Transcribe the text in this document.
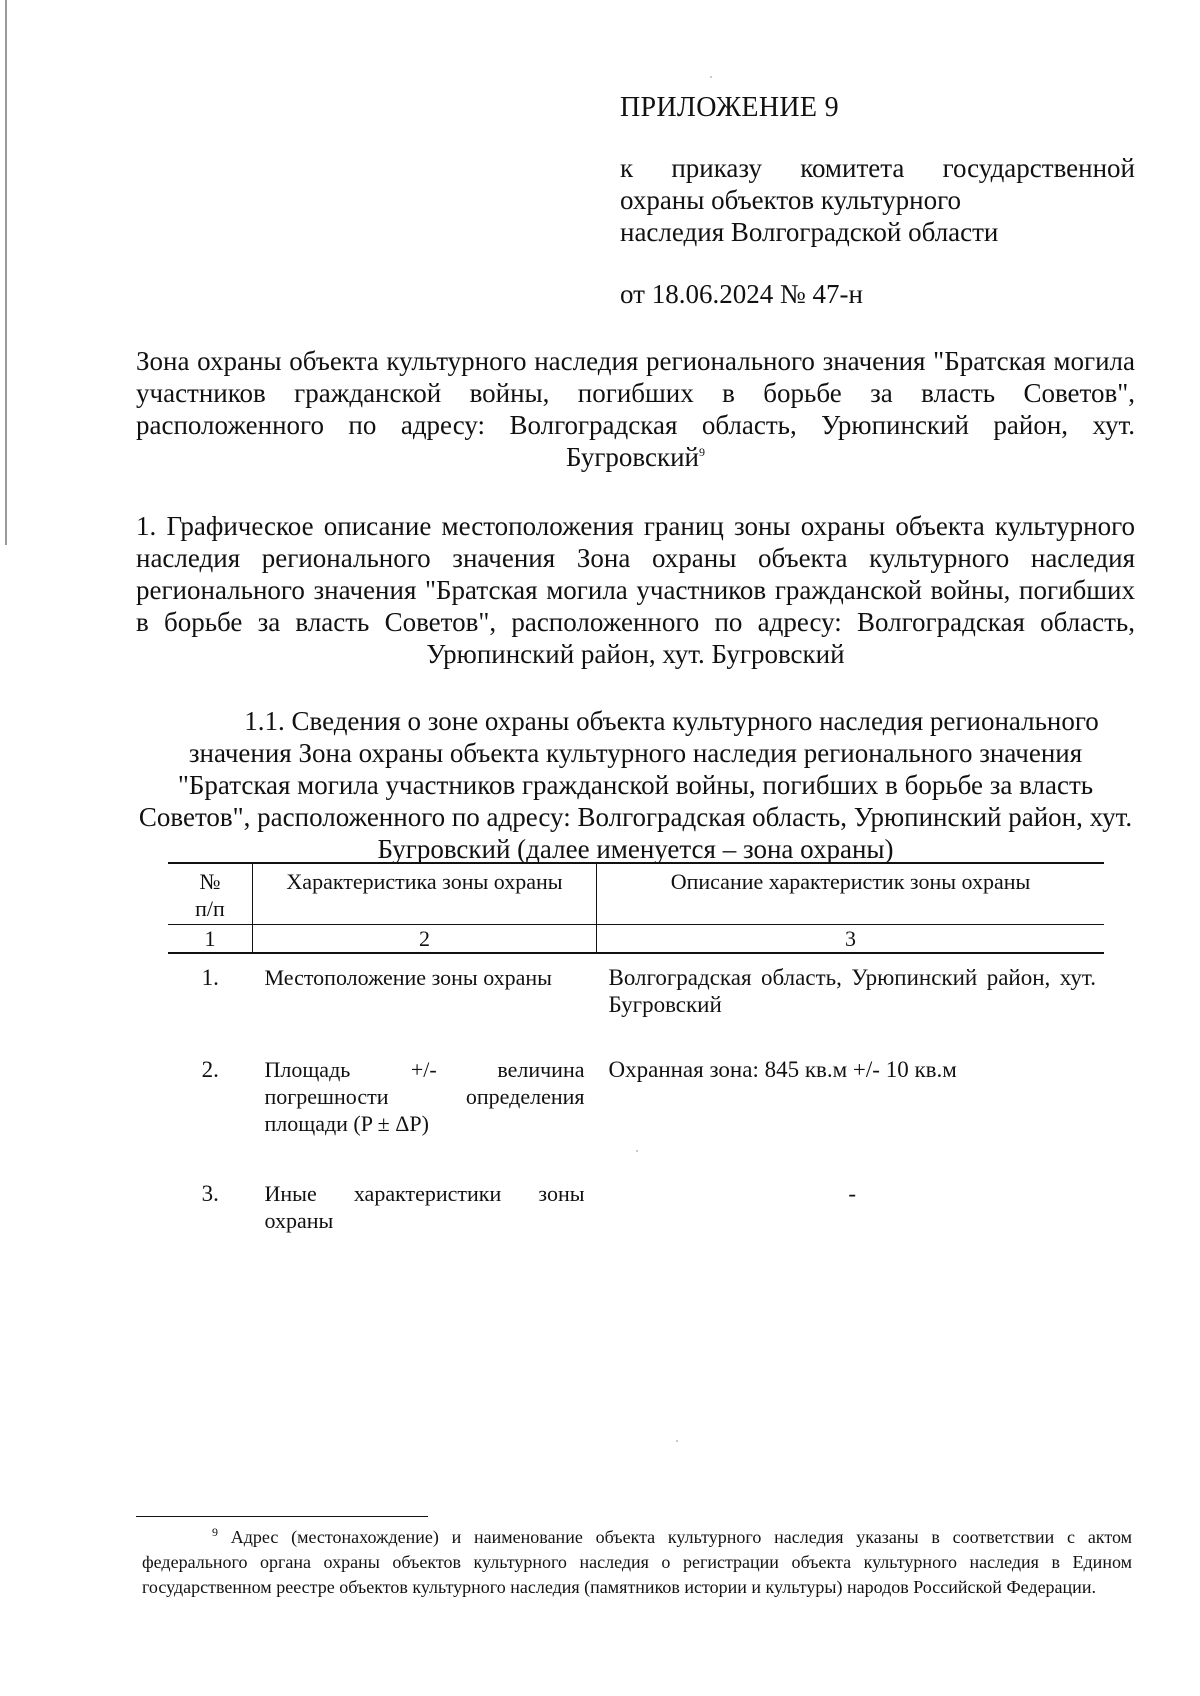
ПРИЛОЖЕНИЕ 9
к приказу комитета государственной
охраны объектов культурного
наследия Волгоградской области
от 18.06.2024 № 47-н
Зона охраны объекта культурного наследия регионального значения "Братская могила участников гражданской войны, погибших в борьбе за власть Советов", расположенного по адресу: Волгоградская область, Урюпинский район, хут. Бугровский$^9$
1. Графическое описание местоположения границ зоны охраны объекта культурного наследия регионального значения Зона охраны объекта культурного наследия регионального значения "Братская могила участников гражданской войны, погибших в борьбе за власть Советов", расположенного по адресу: Волгоградская область, Урюпинский район, хут. Бугровский
1.1. Сведения о зоне охраны объекта культурного наследия регионального значения Зона охраны объекта культурного наследия регионального значения "Братская могила участников гражданской войны, погибших в борьбе за власть Советов", расположенного по адресу: Волгоградская область, Урюпинский район, хут. Бугровский (далее именуется – зона охраны)
№
п/п	Характеристика зоны охраны	Описание характеристик зоны охраны
1	2	3
1.	Местоположение зоны охраны	Волгоградская область, Урюпинский район, хут. Бугровский
2.	Площадь +/- величина
погрешности определения
площади (P ± ΔP)	Охранная зона: 845 кв.м +/- 10 кв.м
3.	Иные характеристики зоны
охраны	-
$^9$ Адрес (местонахождение) и наименование объекта культурного наследия указаны в соответствии с актом федерального органа охраны объектов культурного наследия о регистрации объекта культурного наследия в Едином государственном реестре объектов культурного наследия (памятников истории и культуры) народов Российской Федерации.
